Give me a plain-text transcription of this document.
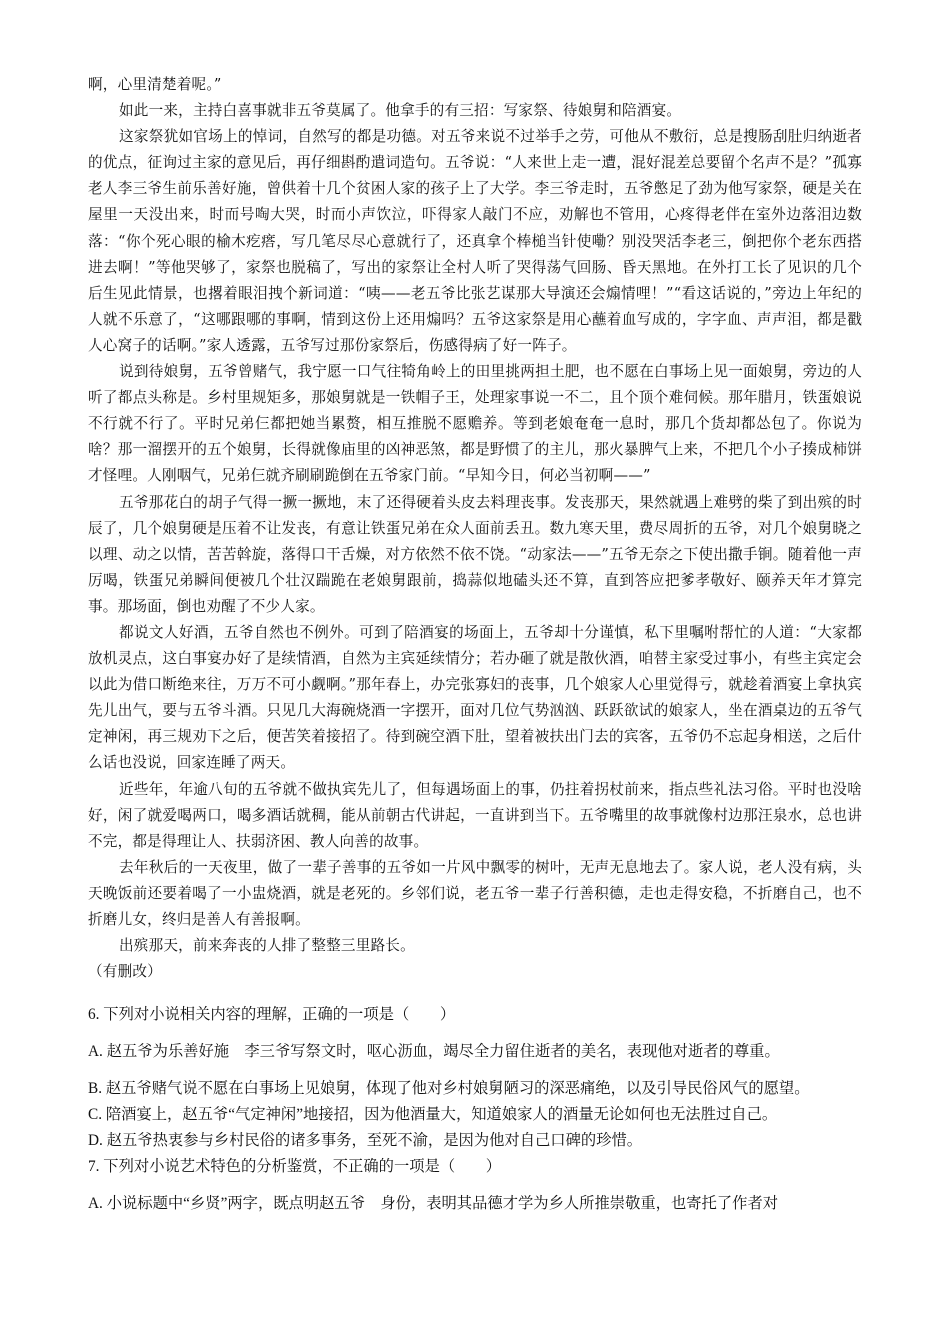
啊，心里清楚着呢。”

如此一来，主持白喜事就非五爷莫属了。他拿手的有三招：写家祭、待娘舅和陪酒宴。

这家祭犹如官场上的悼词，自然写的都是功德。对五爷来说不过举手之劳，可他从不敷衍，总是搜肠刮肚归纳逝者的优点，征询过主家的意见后，再仔细斟酌遣词造句。五爷说：“人来世上走一遭，混好混差总要留个名声不是？”孤寡老人李三爷生前乐善好施，曾供着十几个贫困人家的孩子上了大学。李三爷走时，五爷憋足了劲为他写家祭，硬是关在屋里一天没出来，时而号啕大哭，时而小声饮泣，吓得家人敲门不应，劝解也不管用，心疼得老伴在室外边落泪边数落：“你个死心眼的榆木疙瘩，写几笔尽尽心意就行了，还真拿个棒槌当针使嘞？别没哭活李老三，倒把你个老东西搭进去啊！”等他哭够了，家祭也脱稿了，写出的家祭让全村人听了哭得荡气回肠、昏天黑地。在外打工长了见识的几个后生见此情景，也撂着眼泪拽个新词道：“咦——老五爷比张艺谋那大导演还会煽情哩！”“看这话说的，”旁边上年纪的人就不乐意了，“这哪跟哪的事啊，情到这份上还用煽吗？五爷这家祭是用心蘸着血写成的，字字血、声声泪，都是戳人心窝子的话啊。”家人透露，五爷写过那份家祭后，伤感得病了好一阵子。

说到待娘舅，五爷曾赌气，我宁愿一口气往犄角岭上的田里挑两担土肥，也不愿在白事场上见一面娘舅，旁边的人听了都点头称是。乡村里规矩多，那娘舅就是一铁帽子王，处理家事说一不二，且个顶个难伺候。那年腊月，铁蛋娘说不行就不行了。平时兄弟仨都把她当累赘，相互推脱不愿赡养。等到老娘奄奄一息时，那几个货却都怂包了。你说为啥？那一溜摆开的五个娘舅，长得就像庙里的凶神恶煞，都是野惯了的主儿，那火暴脾气上来，不把几个小子揍成柿饼才怪哩。人刚咽气，兄弟仨就齐刷刷跪倒在五爷家门前。“早知今日，何必当初啊——”

五爷那花白的胡子气得一撅一撅地，末了还得硬着头皮去料理丧事。发丧那天，果然就遇上难劈的柴了到出殡的时辰了，几个娘舅硬是压着不让发丧，有意让铁蛋兄弟在众人面前丢丑。数九寒天里，费尽周折的五爷，对几个娘舅晓之以理、动之以情，苦苦斡旋，落得口干舌燥，对方依然不依不饶。“动家法——”五爷无奈之下使出撒手锏。随着他一声厉喝，铁蛋兄弟瞬间便被几个壮汉踹跪在老娘舅跟前，捣蒜似地磕头还不算，直到答应把爹孝敬好、颐养天年才算完事。那场面，倒也劝醒了不少人家。

都说文人好酒，五爷自然也不例外。可到了陪酒宴的场面上，五爷却十分谨慎，私下里嘱咐帮忙的人道：“大家都放机灵点，这白事宴办好了是续情酒，自然为主宾延续情分；若办砸了就是散伙酒，咱替主家受过事小，有些主宾定会以此为借口断绝来往，万万不可小觑啊。”那年春上，办完张寡妇的丧事，几个娘家人心里觉得亏，就趁着酒宴上拿执宾先儿出气，要与五爷斗酒。只见几大海碗烧酒一字摆开，面对几位气势汹汹、跃跃欲试的娘家人，坐在酒桌边的五爷气定神闲，再三规劝下之后，便苦笑着接招了。待到碗空酒下肚，望着被扶出门去的宾客，五爷仍不忘起身相送，之后什么话也没说，回家连睡了两天。

近些年，年逾八旬的五爷就不做执宾先儿了，但每遇场面上的事，仍拄着拐杖前来，指点些礼法习俗。平时也没啥好，闲了就爱喝两口，喝多酒话就稠，能从前朝古代讲起，一直讲到当下。五爷嘴里的故事就像村边那汪泉水，总也讲不完，都是得理让人、扶弱济困、教人向善的故事。

去年秋后的一天夜里，做了一辈子善事的五爷如一片风中飘零的树叶，无声无息地去了。家人说，老人没有病，头天晚饭前还要着喝了一小盅烧酒，就是老死的。乡邻们说，老五爷一辈子行善积德，走也走得安稳，不折磨自己，也不折磨儿女，终归是善人有善报啊。

出殡那天，前来奔丧的人排了整整三里路长。

（有删改）

6. 下列对小说相关内容的理解，正确的一项是（　　）

A. 赵五爷为乐善好施　李三爷写祭文时，呕心沥血，竭尽全力留住逝者的美名，表现他对逝者的尊重。

B. 赵五爷赌气说不愿在白事场上见娘舅，体现了他对乡村娘舅陋习的深恶痛绝，以及引导民俗风气的愿望。

C. 陪酒宴上，赵五爷“气定神闲”地接招，因为他酒量大，知道娘家人的酒量无论如何也无法胜过自己。

D. 赵五爷热衷参与乡村民俗的诸多事务，至死不渝，是因为他对自己口碑的珍惜。

7. 下列对小说艺术特色的分析鉴赏，不正确的一项是（　　）

A. 小说标题中“乡贤”两字，既点明赵五爷　身份，表明其品德才学为乡人所推崇敬重，也寄托了作者对
